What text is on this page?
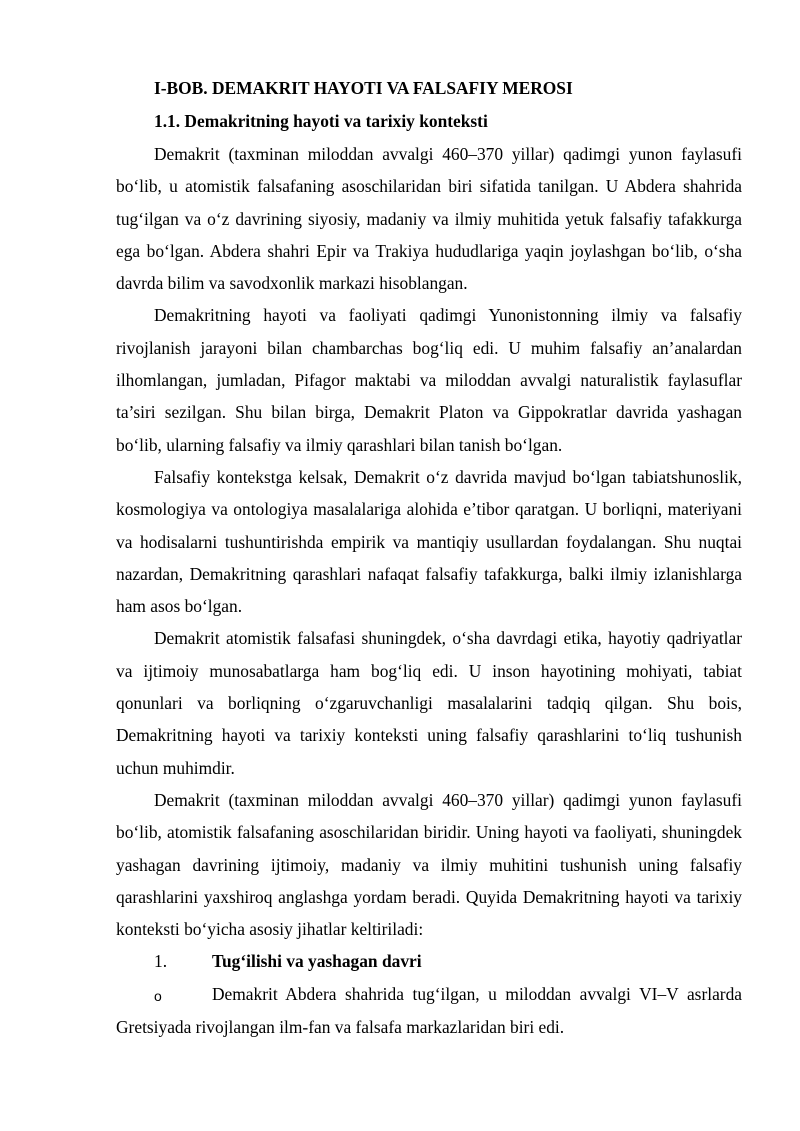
I-BOB. DEMAKRIT HAYOTI VA FALSAFIY MEROSI

1.1. Demakritning hayoti va tarixiy konteksti

Demakrit (taxminan miloddan avvalgi 460–370 yillar) qadimgi yunon faylasufi bo‘lib, u atomistik falsafaning asoschilaridan biri sifatida tanilgan. U Abdera shahrida tug‘ilgan va o‘z davrining siyosiy, madaniy va ilmiy muhitida yetuk falsafiy tafakkurga ega bo‘lgan. Abdera shahri Epir va Trakiya hududlariga yaqin joylashgan bo‘lib, o‘sha davrda bilim va savodxonlik markazi hisoblangan.

Demakritning hayoti va faoliyati qadimgi Yunonistonning ilmiy va falsafiy rivojlanish jarayoni bilan chambarchas bog‘liq edi. U muhim falsafiy an’analardan ilhomlangan, jumladan, Pifagor maktabi va miloddan avvalgi naturalistik faylasuflar ta’siri sezilgan. Shu bilan birga, Demakrit Platon va Gippokratlar davrida yashagan bo‘lib, ularning falsafiy va ilmiy qarashlari bilan tanish bo‘lgan.

Falsafiy kontekstga kelsak, Demakrit o‘z davrida mavjud bo‘lgan tabiatshunoslik, kosmologiya va ontologiya masalalariga alohida e’tibor qaratgan. U borliqni, materiyani va hodisalarni tushuntirishda empirik va mantiqiy usullardan foydalangan. Shu nuqtai nazardan, Demakritning qarashlari nafaqat falsafiy tafakkurga, balki ilmiy izlanishlarga ham asos bo‘lgan.

Demakrit atomistik falsafasi shuningdek, o‘sha davrdagi etika, hayotiy qadriyatlar va ijtimoiy munosabatlarga ham bog‘liq edi. U inson hayotining mohiyati, tabiat qonunlari va borliqning o‘zgaruvchanligi masalalarini tadqiq qilgan. Shu bois, Demakritning hayoti va tarixiy konteksti uning falsafiy qarashlarini to‘liq tushunish uchun muhimdir.

Demakrit (taxminan miloddan avvalgi 460–370 yillar) qadimgi yunon faylasufi bo‘lib, atomistik falsafaning asoschilaridan biridir. Uning hayoti va faoliyati, shuningdek yashagan davrining ijtimoiy, madaniy va ilmiy muhitini tushunish uning falsafiy qarashlarini yaxshiroq anglashga yordam beradi. Quyida Demakritning hayoti va tarixiy konteksti bo‘yicha asosiy jihatlar keltiriladi:

1.	Tug‘ilishi va yashagan davri

o	Demakrit Abdera shahrida tug‘ilgan, u miloddan avvalgi VI–V asrlarda Gretsiyada rivojlangan ilm-fan va falsafa markazlaridan biri edi.
